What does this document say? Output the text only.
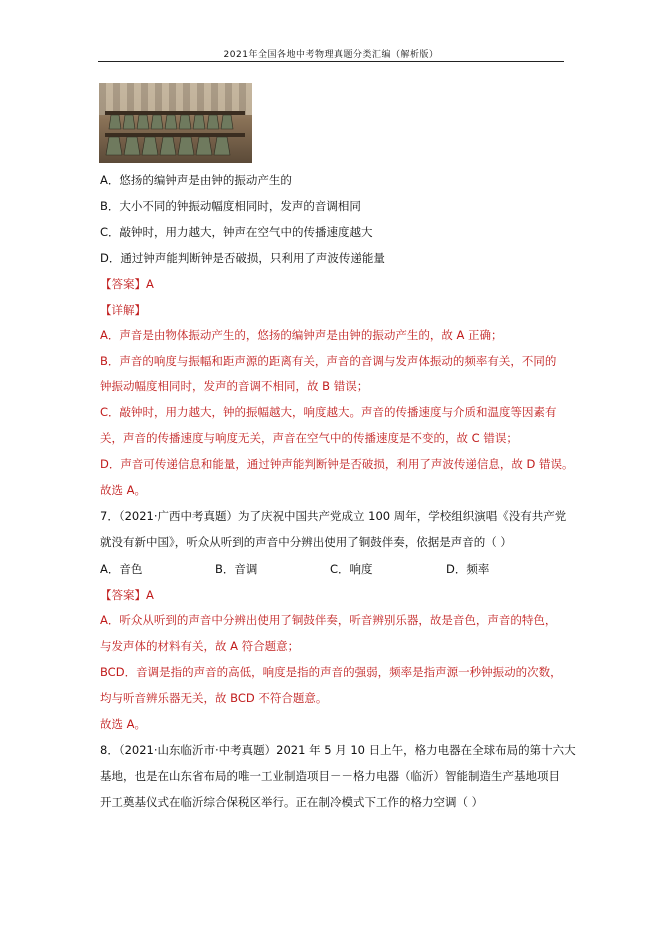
2021年全国各地中考物理真题分类汇编（解析版）
A．悠扬的编钟声是由钟的振动产生的
B．大小不同的钟振动幅度相同时，发声的音调相同
C．敲钟时，用力越大，钟声在空气中的传播速度越大
D．通过钟声能判断钟是否破损，只利用了声波传递能量
【答案】A
【详解】
A．声音是由物体振动产生的，悠扬的编钟声是由钟的振动产生的，故 A 正确；
B．声音的响度与振幅和距声源的距离有关，声音的音调与发声体振动的频率有关，不同的
钟振动幅度相同时，发声的音调不相同，故 B 错误；
C．敲钟时，用力越大，钟的振幅越大，响度越大。声音的传播速度与介质和温度等因素有
关，声音的传播速度与响度无关，声音在空气中的传播速度是不变的，故 C 错误；
D．声音可传递信息和能量，通过钟声能判断钟是否破损，利用了声波传递信息，故 D 错误。
故选 A。
7．（2021·广西中考真题）为了庆祝中国共产党成立 100 周年，学校组织演唱《没有共产党
就没有新中国》，听众从听到的声音中分辨出使用了铜鼓伴奏，依据是声音的（ ）
A．音色	B．音调	C．响度	D．频率
【答案】A
A．听众从听到的声音中分辨出使用了铜鼓伴奏，听音辨别乐器，故是音色，声音的特色，
与发声体的材料有关，故 A 符合题意；
BCD．音调是指的声音的高低，响度是指的声音的强弱，频率是指声源一秒钟振动的次数，
均与听音辨乐器无关，故 BCD 不符合题意。
故选 A。
8．（2021·山东临沂市·中考真题）2021 年 5 月 10 日上午，格力电器在全球布局的第十六大
基地，也是在山东省布局的唯一工业制造项目－－格力电器（临沂）智能制造生产基地项目
开工奠基仪式在临沂综合保税区举行。正在制冷模式下工作的格力空调（ ）
